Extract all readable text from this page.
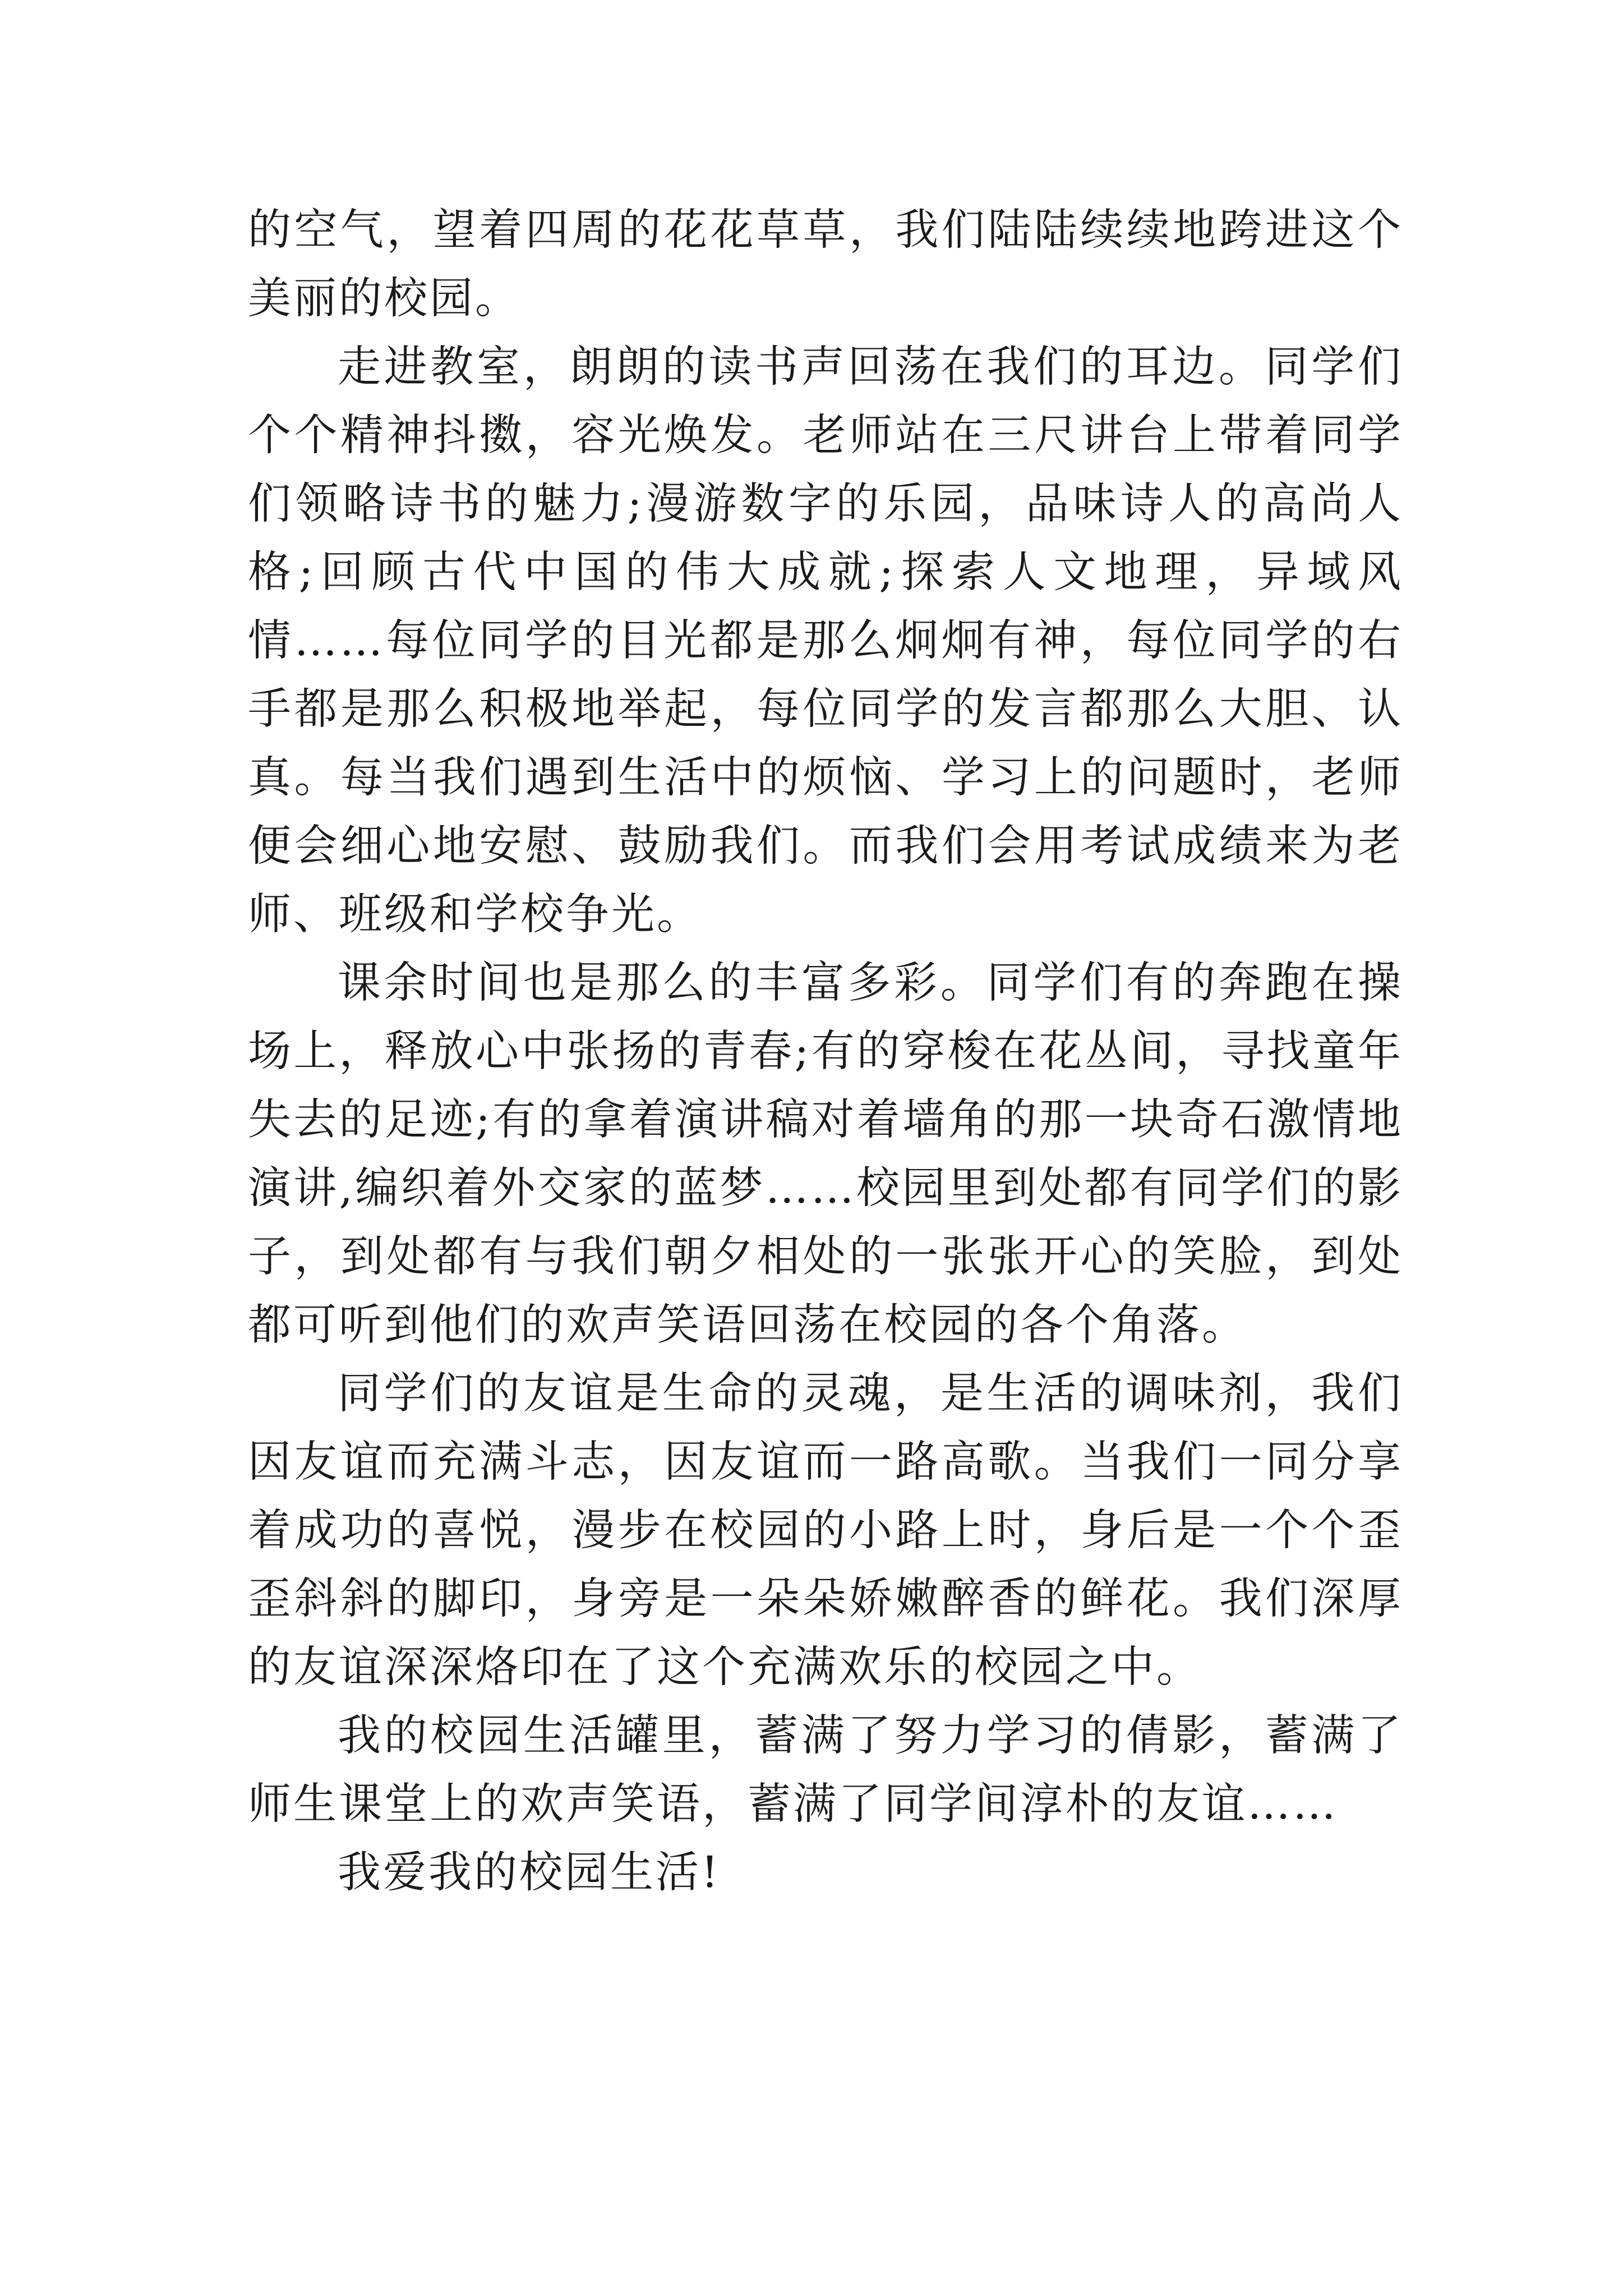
的空气，望着四周的花花草草，我们陆陆续续地跨进这个美丽的校园。

走进教室，朗朗的读书声回荡在我们的耳边。同学们个个精神抖擞，容光焕发。老师站在三尺讲台上带着同学们领略诗书的魅力;漫游数字的乐园，品味诗人的高尚人格;回顾古代中国的伟大成就;探索人文地理，异域风情……每位同学的目光都是那么炯炯有神，每位同学的右手都是那么积极地举起，每位同学的发言都那么大胆、认真。每当我们遇到生活中的烦恼、学习上的问题时，老师便会细心地安慰、鼓励我们。而我们会用考试成绩来为老师、班级和学校争光。

课余时间也是那么的丰富多彩。同学们有的奔跑在操场上，释放心中张扬的青春;有的穿梭在花丛间，寻找童年失去的足迹;有的拿着演讲稿对着墙角的那一块奇石激情地演讲,编织着外交家的蓝梦……校园里到处都有同学们的影子，到处都有与我们朝夕相处的一张张开心的笑脸，到处都可听到他们的欢声笑语回荡在校园的各个角落。

同学们的友谊是生命的灵魂，是生活的调味剂，我们因友谊而充满斗志，因友谊而一路高歌。当我们一同分享着成功的喜悦，漫步在校园的小路上时，身后是一个个歪歪斜斜的脚印，身旁是一朵朵娇嫩醉香的鲜花。我们深厚的友谊深深烙印在了这个充满欢乐的校园之中。

我的校园生活罐里，蓄满了努力学习的倩影，蓄满了师生课堂上的欢声笑语，蓄满了同学间淳朴的友谊……

我爱我的校园生活!
